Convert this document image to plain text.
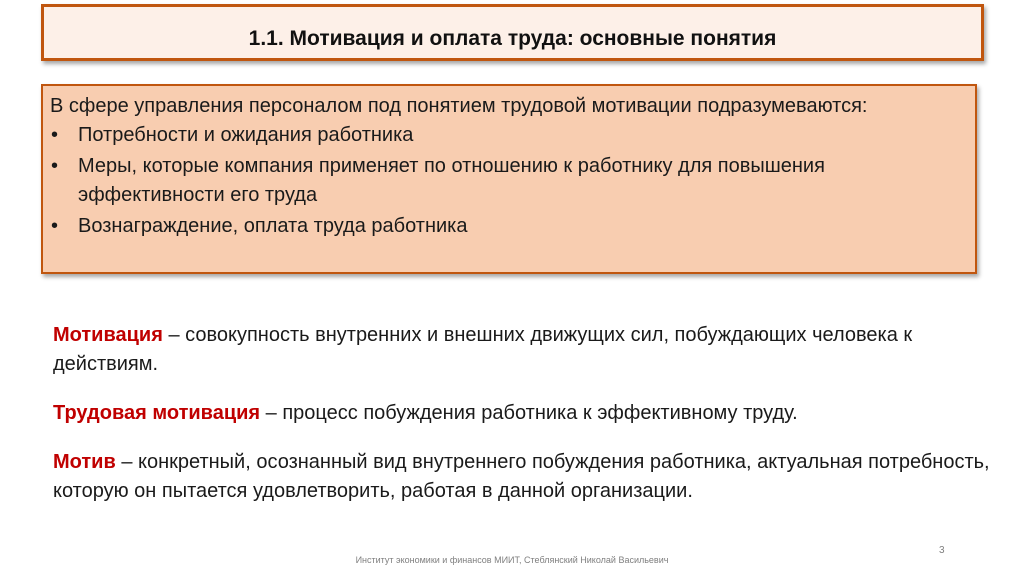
1.1. Мотивация и оплата труда: основные понятия
В сфере управления персоналом под понятием трудовой мотивации подразумеваются:
• Потребности и ожидания работника
• Меры, которые компания применяет по отношению к работнику для повышения эффективности его труда
• Вознаграждение, оплата труда работника

Мотивация – совокупность внутренних и внешних движущих сил, побуждающих человека к действиям.

Трудовая мотивация – процесс побуждения работника к эффективному труду.

Мотив – конкретный, осознанный вид внутреннего побуждения работника, актуальная потребность, которую он пытается удовлетворить, работая в данной организации.

3
Институт экономики и финансов МИИТ, Стеблянский Николай Васильевич
